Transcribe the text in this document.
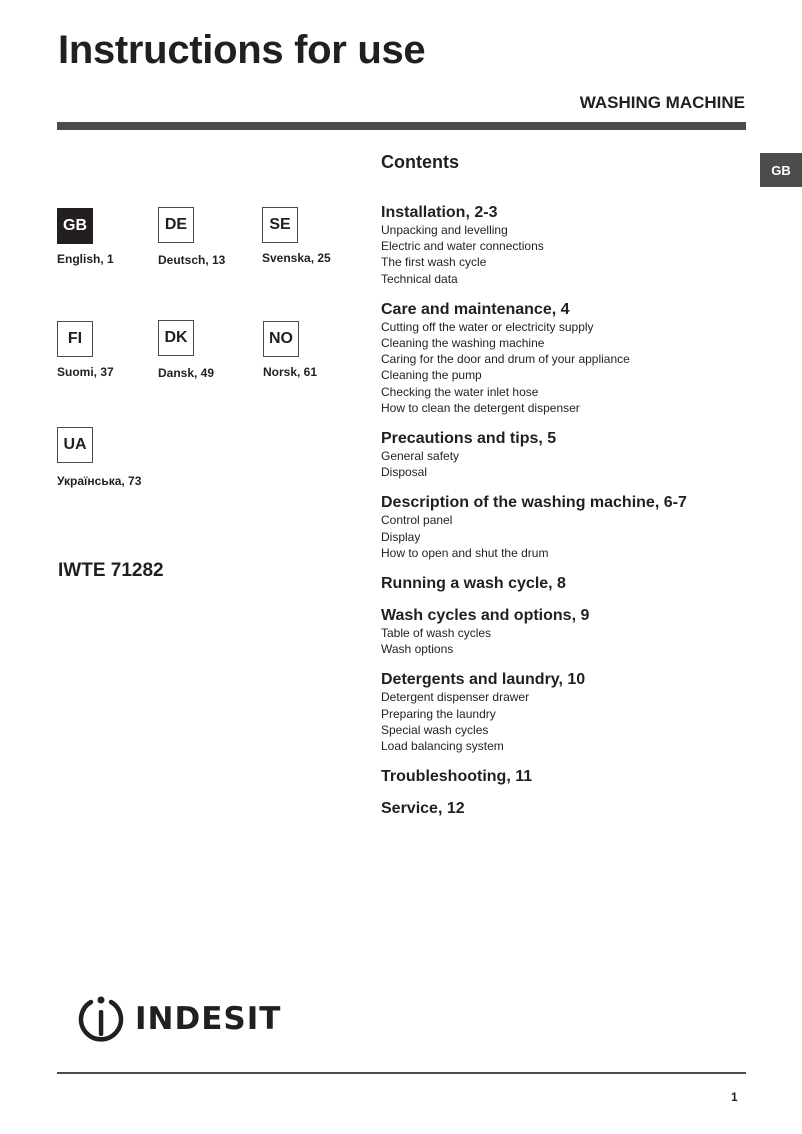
Instructions for use
WASHING MACHINE
GB
GB
English, 1
DE
Deutsch, 13
SE
Svenska, 25
FI
Suomi, 37
DK
Dansk, 49
NO
Norsk, 61
UA
Українська, 73
IWTE 71282
Contents
Installation, 2-3
Unpacking and levelling
Electric and water connections
The first wash cycle
Technical data
Care and maintenance, 4
Cutting off the water or electricity supply
Cleaning the washing machine
Caring for the door and drum of your appliance
Cleaning the pump
Checking the water inlet hose
How to clean the detergent dispenser
Precautions and tips, 5
General safety
Disposal
Description of the washing machine, 6-7
Control panel
Display
How to open and shut the drum
Running a wash cycle, 8
Wash cycles and options, 9
Table of wash cycles
Wash options
Detergents and laundry, 10
Detergent dispenser drawer
Preparing the laundry
Special wash cycles
Load balancing system
Troubleshooting, 11
Service, 12
INDESIT
1
